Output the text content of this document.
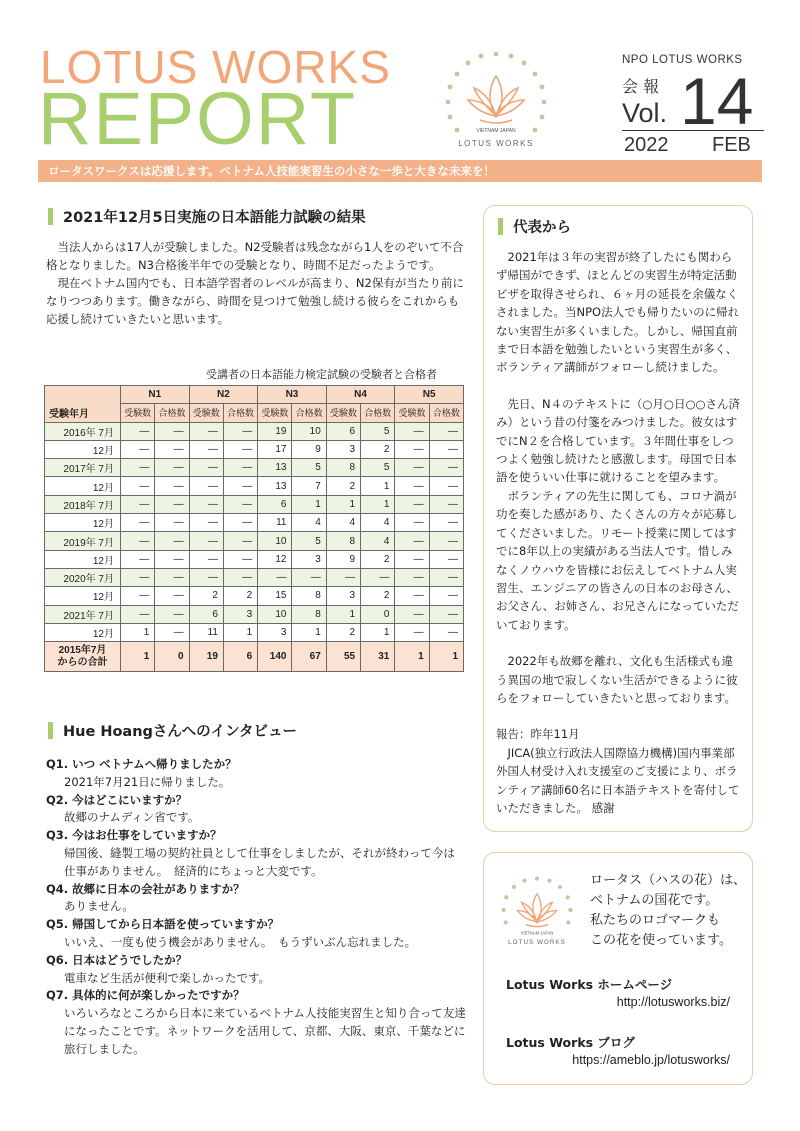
LOTUS WORKS
REPORT	VIETNAM JAPAN
LOTUS WORKS
NPO LOTUS WORKS
会 報
Vol. 14
2022 FEB
ロータスワークスは応援します。ベトナム人技能実習生の小さな一歩と大きな未来を！
2021年12月5日実施の日本語能力試験の結果

当法人からは17人が受験しました。N2受験者は残念ながら1人をのぞいて不合格となりました。N3合格後半年での受験となり、時間不足だったようです。

現在ベトナム国内でも、日本語学習者のレベルが高まり、N2保有が当たり前になりつつあります。働きながら、時間を見つけて勉強し続ける彼らをこれからも応援し続けていきたいと思います。

受講者の日本語能力検定試験の受験者と合格者
受験年月	N1		N2		N3		N4		N5	
	受験数	合格数	受験数	合格数	受験数	合格数	受験数	合格数	受験数	合格数
2016年 7月	―	―	―	―	19	10	6	5	―	―
12月	―	―	―	―	17	9	3	2	―	―
2017年 7月	―	―	―	―	13	5	8	5	―	―
12月	―	―	―	―	13	7	2	1	―	―
2018年 7月	―	―	―	―	6	1	1	1	―	―
12月	―	―	―	―	11	4	4	4	―	―
2019年 7月	―	―	―	―	10	5	8	4	―	―
12月	―	―	―	―	12	3	9	2	―	―
2020年 7月	―	―	―	―	―	―	―	―	―	―
12月	―	―	2	2	15	8	3	2	―	―
2021年 7月	―	―	6	3	10	8	1	0	―	―
12月	1	―	11	1	3	1	2	1	―	―

2015年7月
からの合計	1	0	19	6	140	67	55	31	1	1
Hue Hoangさんへのインタビュー
Q1. いつ ベトナムへ帰りましたか？
2021年7月21日に帰りました。
Q2. 今はどこにいますか？
故郷のナムディン省です。
Q3. 今はお仕事をしていますか？
帰国後、縫製工場の契約社員として仕事をしましたが、それが終わって今は仕事がありません。　経済的にちょっと大変です。
Q4. 故郷に日本の会社がありますか？
ありません。
Q5. 帰国してから日本語を使っていますか？
いいえ、一度も使う機会がありません。　もうずいぶん忘れました。
Q6. 日本はどうでしたか？
電車など生活が便利で楽しかったです。
Q7. 具体的に何が楽しかったですか？
いろいろなところから日本に来ているベトナム人技能実習生と知り合って友達になったことです。ネットワークを活用して、京都、大阪、東京、千葉などに旅行しました。
代表から

2021年は３年の実習が終了したにも関わらず帰国ができず、ほとんどの実習生が特定活動ビザを取得させられ、６ヶ月の延長を余儀なくされました。当NPO法人でも帰りたいのに帰れない実習生が多くいました。しかし、帰国直前まで日本語を勉強したいという実習生が多く、ボランティア講師がフォローし続けました。

先日、N４のテキストに（○月○日○○さん済み）という昔の付箋をみつけました。彼女はすでにN２を合格しています。３年間仕事をしつつよく勉強し続けたと感激します。母国で日本語を使ういい仕事に就けることを望みます。

ボランティアの先生に関しても、コロナ渦が功を奏した感があり、たくさんの方々が応募してくださいました。リモート授業に関してはすでに8年以上の実績がある当法人です。惜しみなくノウハウを皆様にお伝えしてベトナム人実習生、エンジニアの皆さんの日本のお母さん、お父さん、お姉さん、お兄さんになっていただいております。

2022年も故郷を離れ、文化も生活様式も違う異国の地で寂しくない生活ができるように彼らをフォローしていきたいと思っております。

報告：昨年11月

JICA(独立行政法人国際協力機構)国内事業部外国人材受け入れ支援室のご支援により、ボランティア講師60名に日本語テキストを寄付していただきました。 感謝

VIETNAM JAPAN
LOTUS WORKS
ロータス（ハスの花）は、
ベトナムの国花です。
私たちのロゴマークも
この花を使っています。
Lotus Works ホームページ
http://lotusworks.biz/
Lotus Works ブログ
https://ameblo.jp/lotusworks/
